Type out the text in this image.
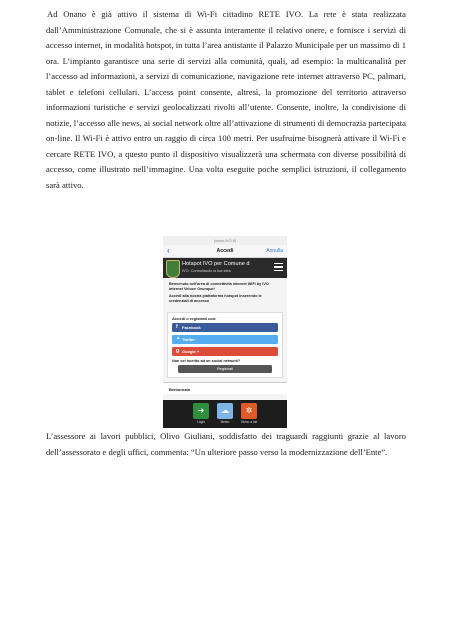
Ad Onano è già attivo il sistema di Wi-Fi cittadino RETE IVO. La rete è stata realizzata dall’Amministrazione Comunale, che si è assunta interamente il relativo onere, e fornisce i servizi di accesso internet, in modalità hotspot, in tutta l’area antistante il Palazzo Municipale per un massimo di 1 ora. L’impianto garantisce una serie di servizi alla comunità, quali, ad esempio: la multicanalità per l’accesso ad informazioni, a servizi di comunicazione, navigazione rete internet attraverso PC, palmari, tablet e telefoni cellulari. L’access point consente, altresì, la promozione del territorio attraverso informazioni turistiche e servizi geolocalizzati rivolti all’utente. Consente, inoltre, la condivisione di notizie, l’accesso alle news, ai social network oltre all’attivazione di strumenti di democrazia partecipata on-line. Il Wi-Fi è attivo entro un raggio di circa 100 metri. Per usufruirne bisognerà attivare il Wi-Fi e cercare RETE IVO, a questo punto il dispositivo visualizzerà una schermata con diverse possibilità di accesso, come illustrato nell’immagine. Una volta eseguite poche semplici istruzioni, il collegamento sarà attivo.

(www.IVO.it)
‹	Accedi	Annulla
Hotspot IVO per Comune d
IVO. Controllando la tua idea
Benvenuto nell'area di connettività internet WiFi by IVO Internet Veloce Ovunque!
Accedi alla nostra piattaforma hotspot inserendo le credenziali di accesso
Accedi o registrati con:
f Facebook
✦ Twitter
g Google +
Non sei iscritto ad un social network?
Registrati
Bentornato
➜
Login
☁
Meteo
✲
Vicino a me

L’assessore ai lavori pubblici, Olivo Giuliani, soddisfatto dei traguardi raggiunti grazie al lavoro dell’assessorato e degli uffici, commenta: “Un ulteriore passo verso la modernizzazione dell’Ente”.
